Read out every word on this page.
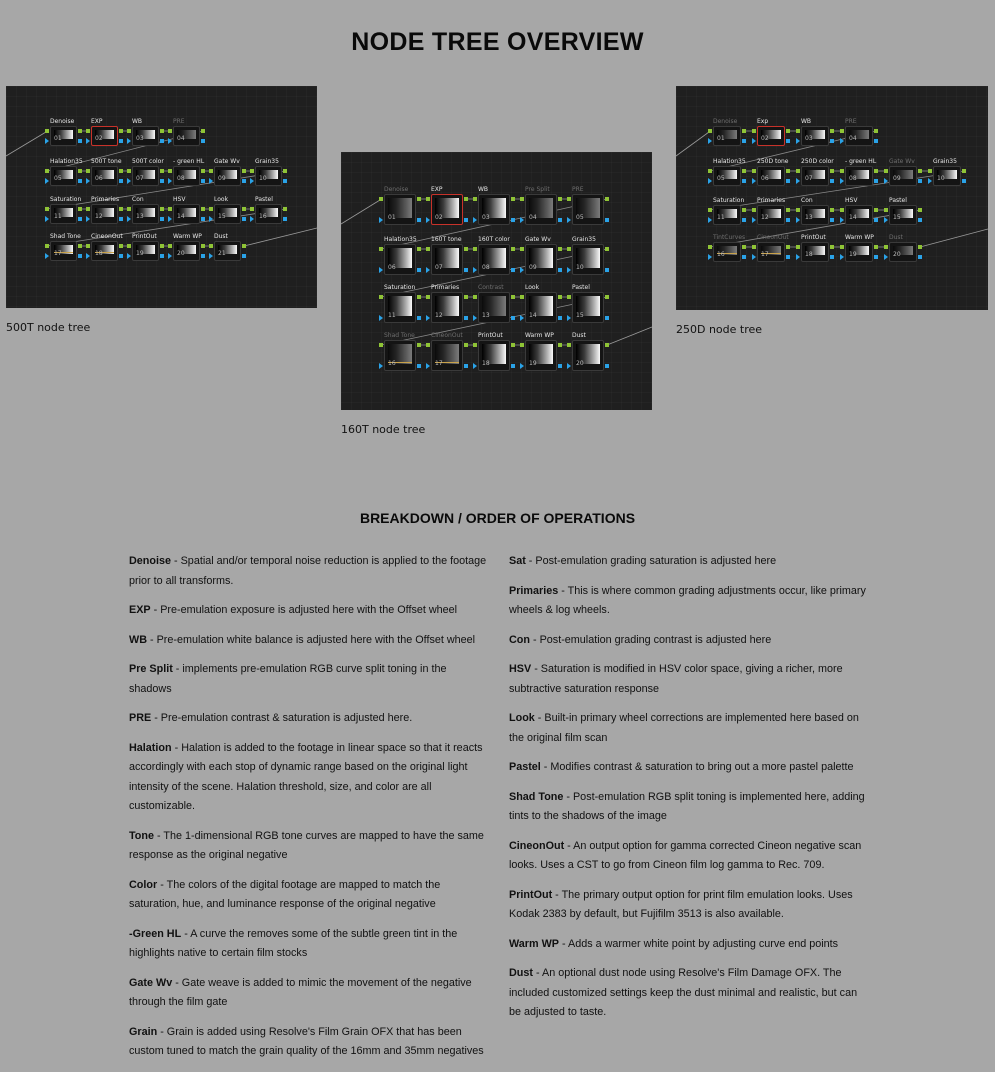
NODE TREE OVERVIEW
Denoise
01
EXP
02
WB
03
PRE
04
Halation35
05
500T tone
06
500T color
07
- green HL
08
Gate Wv
09
Grain35
10
Saturation
11
Primaries
12
Con
13
HSV
14
Look
15
Pastel
16
Shad Tone
17
CineonOut
18
PrintOut
19
Warm WP
20
Dust
21
500T node tree
Denoise
01
EXP
02
WB
03
Pre Split
04
PRE
05
Halation35
06
160T tone
07
160T color
08
Gate Wv
09
Grain35
10
Saturation
11
Primaries
12
Contrast
13
Look
14
Pastel
15
Shad Tone
16
CineonOut
17
PrintOut
18
Warm WP
19
Dust
20
160T node tree
Denoise
01
Exp
02
WB
03
PRE
04
Halation35
05
250D tone
06
250D color
07
- green HL
08
Gate Wv
09
Grain35
10
Saturation
11
Primaries
12
Con
13
HSV
14
Pastel
15
TintCurves
16
CineonOut
17
PrintOut
18
Warm WP
19
Dust
20
250D node tree
BREAKDOWN / ORDER OF OPERATIONS
Denoise - Spatial and/or temporal noise reduction is applied to the footage prior to all transforms.
EXP - Pre-emulation exposure is adjusted here with the Offset wheel
WB - Pre-emulation white balance is adjusted here with the Offset wheel
Pre Split - implements pre-emulation RGB curve split toning in the shadows
PRE - Pre-emulation contrast & saturation is adjusted here.
Halation - Halation is added to the footage in linear space so that it reacts accordingly with each stop of dynamic range based on the original light intensity of the scene. Halation threshold, size, and color are all customizable.
Tone - The 1-dimensional RGB tone curves are mapped to have the same response as the original negative
Color - The colors of the digital footage are mapped to match the saturation, hue, and luminance response of the original negative
-Green HL - A curve the removes some of the subtle green tint in the highlights native to certain film stocks
Gate Wv - Gate weave is added to mimic the movement of the negative through the film gate
Grain - Grain is added using Resolve's Film Grain OFX that has been custom tuned to match the grain quality of the 16mm and 35mm negatives
Sat - Post-emulation grading saturation is adjusted here
Primaries - This is where common grading adjustments occur, like primary wheels & log wheels.
Con - Post-emulation grading contrast is adjusted here
HSV - Saturation is modified in HSV color space, giving a richer, more subtractive saturation response
Look - Built-in primary wheel corrections are implemented here based on the original film scan
Pastel - Modifies contrast & saturation to bring out a more pastel palette
Shad Tone - Post-emulation RGB split toning is implemented here, adding tints to the shadows of the image
CineonOut - An output option for gamma corrected Cineon negative scan looks. Uses a CST to go from Cineon film log gamma to Rec. 709.
PrintOut - The primary output option for print film emulation looks. Uses Kodak 2383 by default, but Fujifilm 3513 is also available.
Warm WP - Adds a warmer white point by adjusting curve end points
Dust - An optional dust node using Resolve's Film Damage OFX. The included customized settings keep the dust minimal and realistic, but can be adjusted to taste.
